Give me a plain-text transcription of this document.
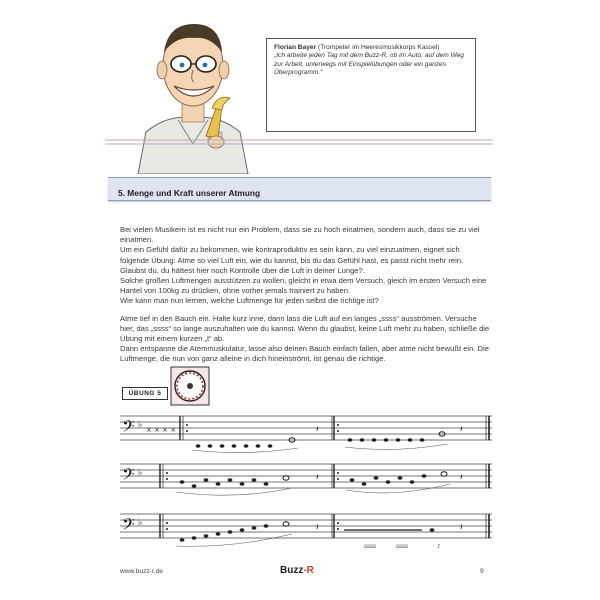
Florian Bayer (Trompeter im Heeresmusikkorps Kassel)
„Ich arbeite jeden Tag mit dem Buzz-R, ob im Auto, auf dem Weg zur Arbeit, unterwegs mit Einspielübungen oder ein ganzes Überprogramm.“
5. Menge und Kraft unserer Atmung

Bei vielen Musikern ist es nicht nur ein Problem, dass sie zu hoch einatmen, sondern auch, dass sie zu viel einatmen.

Um ein Gefühl dafür zu bekommen, wie kontraproduktiv es sein kann, zu viel einzuatmen, eignet sich folgende Übung: Atme so viel Luft ein, wie du kannst, bis du das Gefühl hast, es passt nicht mehr rein. Glaubst du, du hättest hier noch Kontrolle über die Luft in deiner Lunge?.

Solche großen Luftmengen ausstützen zu wollen, gleicht in etwa dem Versuch, gleich im ersten Versuch eine Hantel von 100kg zu drücken, ohne vorher jemals trainiert zu haben.

Wie kann man nun lernen, welche Luftmenge für jeden selbst die richtige ist?

Atme tief in den Bauch ein. Halte kurz inne, dann lass die Luft auf ein langes „ssss“ ausströmen. Versuche hier, das „ssss“ so lange auszuhalten wie du kannst. Wenn du glaubst, keine Luft mehr zu haben, schließe die Übung mit einem kurzen „t“ ab.

Dann entspanne die Atemmuskulatur, lasse also deinen Bauch einfach fallen, aber atme nicht bewußt ein. Die Luftmenge, die nun von ganz alleine in dich hineinströmt, ist genau die richtige.

ÜBUNG 5
𝄢 ♭
× × × ×	𝄽	𝄽
𝄢 ♭	𝄽	𝄽
𝄢 ♭	𝄽
ssss	ssss	t
𝄽
www.buzz-r.de	Buzz-R	9
